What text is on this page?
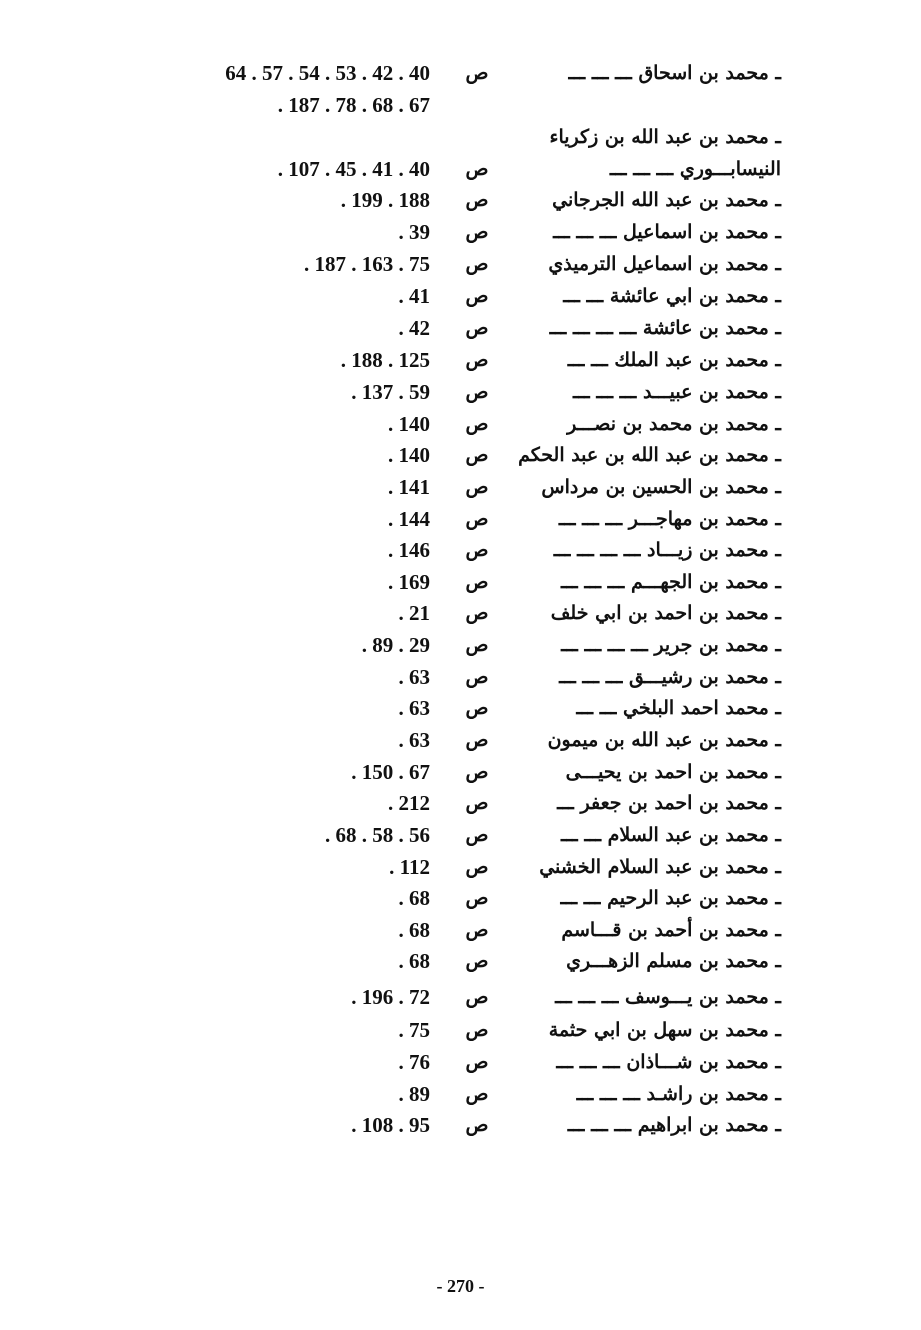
ـ محمد بن اسحاق ـــ ـــ ـــ
ص
64 . 57 . 54 . 53 . 42 . 40
. 187 . 78 . 68 . 67
ـ محمد بن عبد الله بن زكرياء
النيسابـــوري ـــ ـــ ـــ
ص
. 107 . 45 . 41 . 40
ـ محمد بن عبد الله الجرجاني
ص
. 199 . 188
ـ محمد بن اسماعيل ـــ ـــ ـــ
ص
. 39
ـ محمد بن اسماعيل الترميذي
ص
. 187 . 163 . 75
ـ محمد بن ابي عائشة ـــ ـــ
ص
. 41
ـ محمد بن عائشة ـــ ـــ ـــ ـــ
ص
. 42
ـ محمد بن عبد الملك ـــ ـــ
ص
. 188 . 125
ـ محمد بن عبيـــد ـــ ـــ ـــ
ص
. 137 . 59
ـ محمد بن محمد بن نصـــر
ص
. 140
ـ محمد بن عبد الله بن عبد الحكم
ص
. 140
ـ محمد بن الحسين بن مرداس
ص
. 141
ـ محمد بن مهاجـــر ـــ ـــ ـــ
ص
. 144
ـ محمد بن زيـــاد ـــ ـــ ـــ ـــ
ص
. 146
ـ محمد بن الجهـــم ـــ ـــ ـــ
ص
. 169
ـ محمد بن احمد بن ابي خلف
ص
. 21
ـ محمد بن جرير ـــ ـــ ـــ ـــ
ص
. 89 . 29
ـ محمد بن رشيـــق ـــ ـــ ـــ
ص
. 63
ـ محمد احمد البلخي ـــ ـــ
ص
. 63
ـ محمد بن عبد الله بن ميمون
ص
. 63
ـ محمد بن احمد بن يحيـــى
ص
. 150 . 67
ـ محمد بن احمد بن جعفر ـــ
ص
. 212
ـ محمد بن عبد السلام ـــ ـــ
ص
. 68 . 58 . 56
ـ محمد بن عبد السلام الخشني
ص
. 112
ـ محمد بن عبد الرحيم ـــ ـــ
ص
. 68
ـ محمد بن أحمد بن قـــاسم
ص
. 68
ـ محمد بن مسلم الزهـــري
ص
. 68
ـ محمد بن يـــوسف ـــ ـــ ـــ
ص
. 196 . 72
ـ محمد بن سهل بن ابي حثمة
ص
. 75
ـ محمد بن شـــاذان ـــ ـــ ـــ
ص
. 76
ـ محمد بن راشـد ـــ ـــ ـــ
ص
. 89
ـ محمد بن ابراهيم ـــ ـــ ـــ
ص
. 108 . 95
- 270 -
